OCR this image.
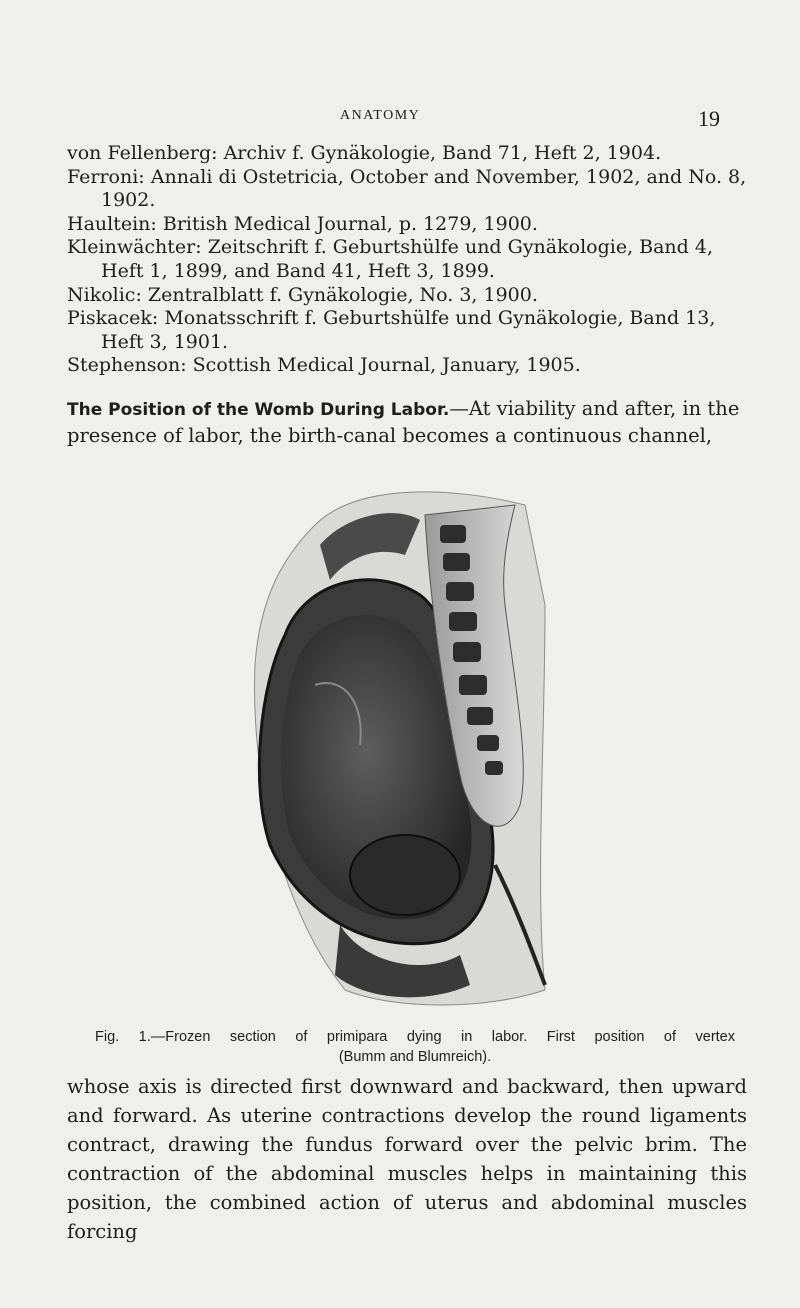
ANATOMY	19
von Fellenberg: Archiv f. Gynäkologie, Band 71, Heft 2, 1904.
Ferroni: Annali di Ostetricia, October and November, 1902, and No. 8, 1902.
Haultein: British Medical Journal, p. 1279, 1900.
Kleinwächter: Zeitschrift f. Geburtshülfe und Gynäkologie, Band 4, Heft 1, 1899, and Band 41, Heft 3, 1899.
Nikolic: Zentralblatt f. Gynäkologie, No. 3, 1900.
Piskacek: Monatsschrift f. Geburtshülfe und Gynäkologie, Band 13, Heft 3, 1901.
Stephenson: Scottish Medical Journal, January, 1905.
The Position of the Womb During Labor.—At viability and after, in the presence of labor, the birth-canal becomes a continuous channel,
Fig. 1.—Frozen section of primipara dying in labor. First position of vertex
(Bumm and Blumreich).
whose axis is directed first downward and backward, then upward and forward. As uterine contractions develop the round ligaments contract, drawing the fundus forward over the pelvic brim. The contraction of the abdominal muscles helps in maintaining this position, the combined action of uterus and abdominal muscles forcing
